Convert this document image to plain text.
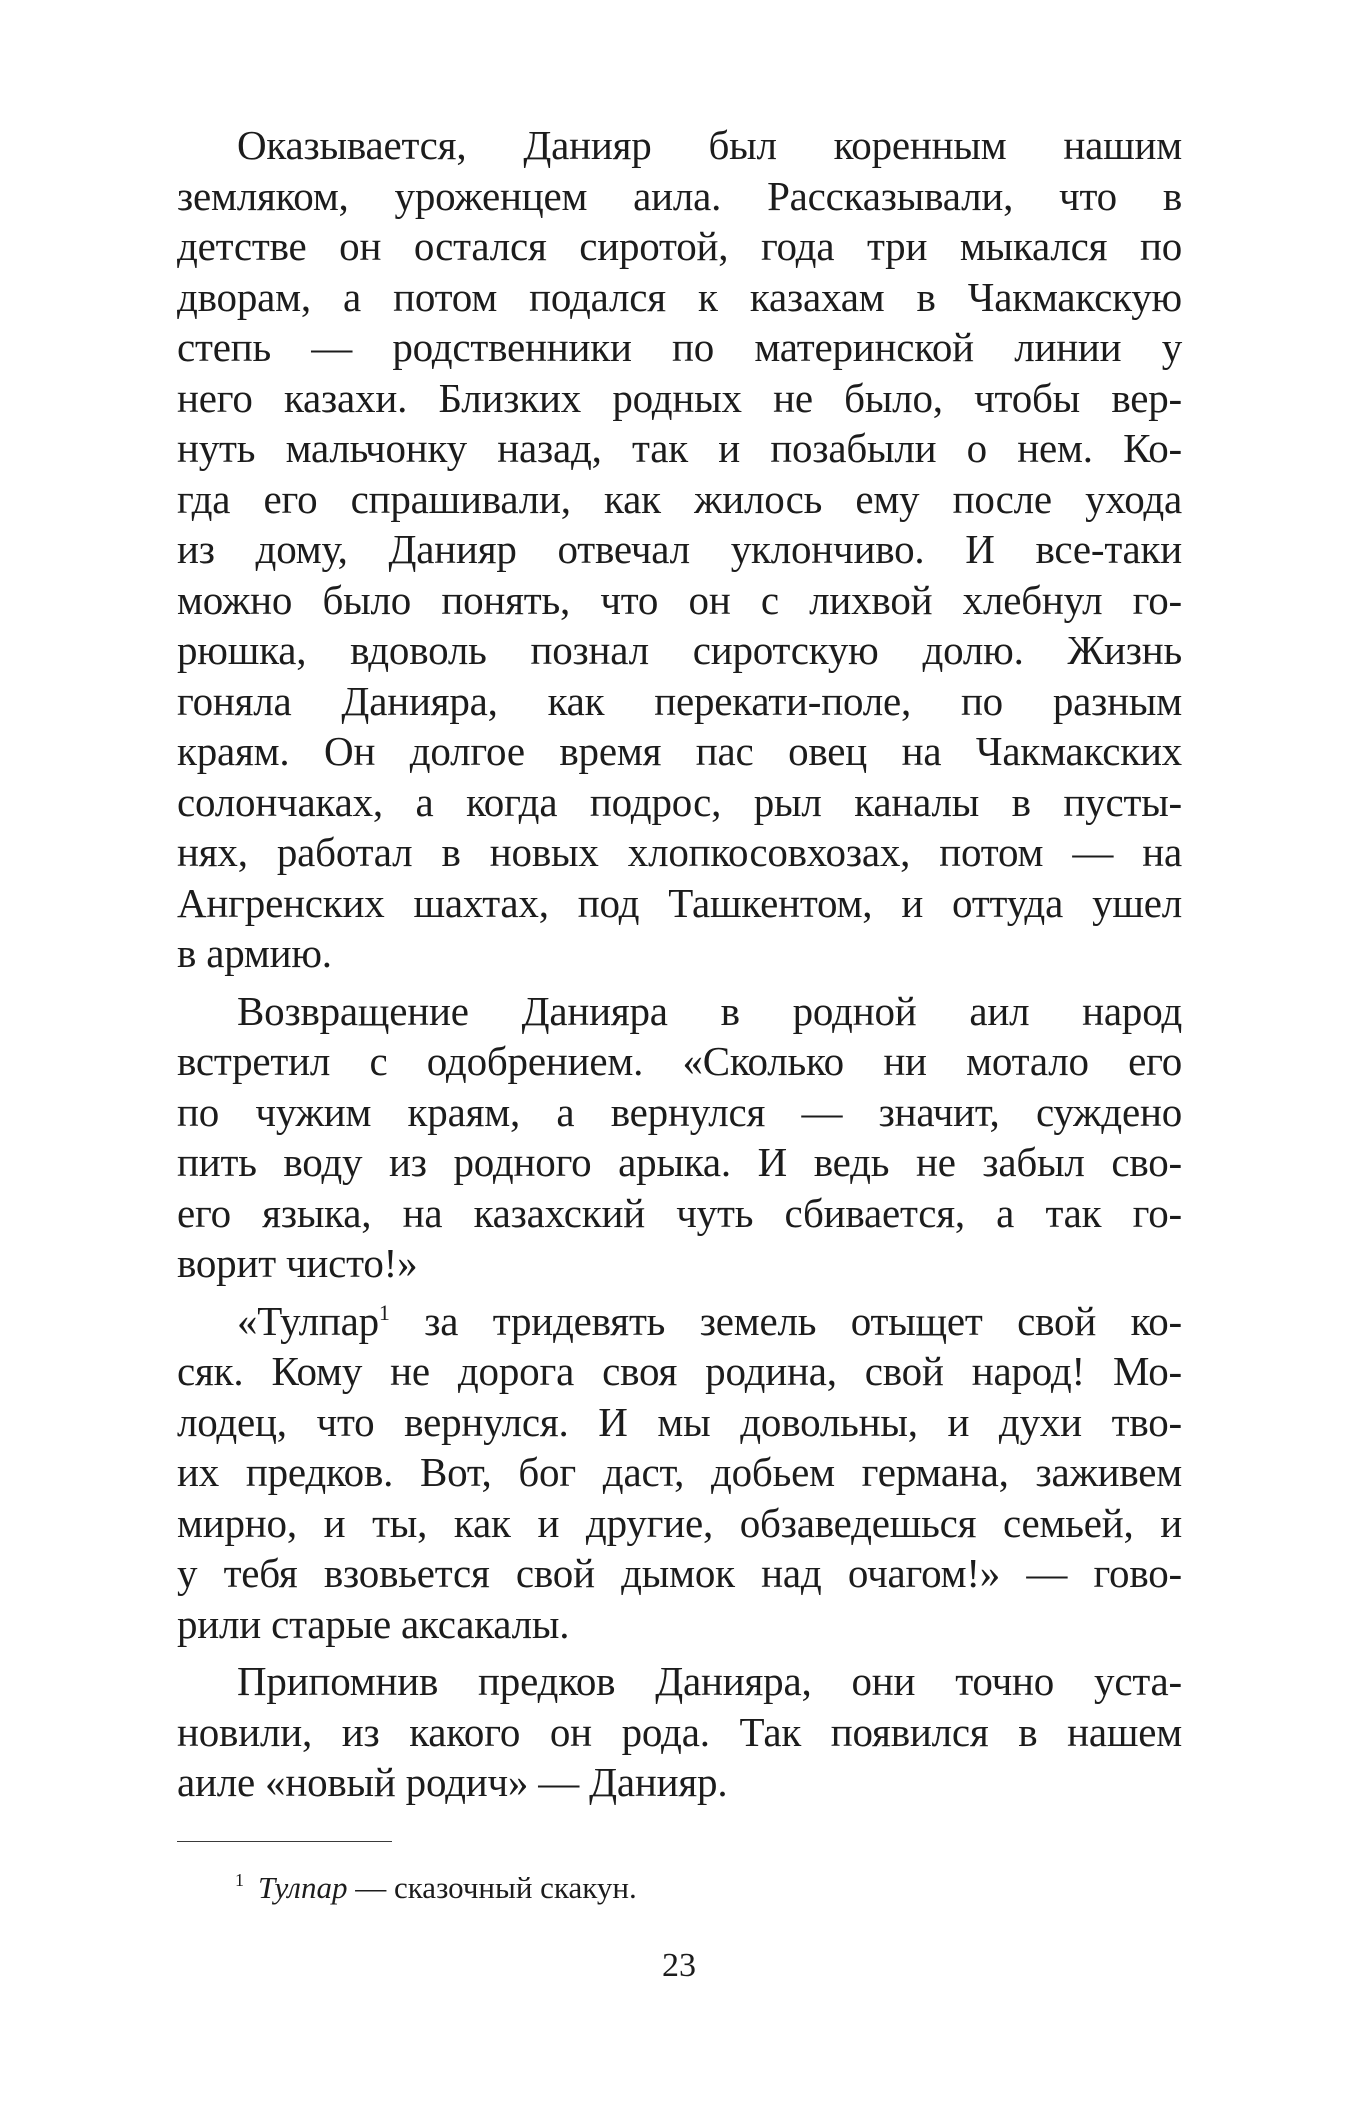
Оказывается, Данияр был коренным нашим
земляком, уроженцем аила. Рассказывали, что в
детстве он остался сиротой, года три мыкался по
дворам, а потом подался к казахам в Чакмакскую
степь — родственники по материнской линии у
него казахи. Близких родных не было, чтобы вер-
нуть мальчонку назад, так и позабыли о нем. Ко-
гда его спрашивали, как жилось ему после ухода
из дому, Данияр отвечал уклончиво. И все-таки
можно было понять, что он с лихвой хлебнул го-
рюшка, вдоволь познал сиротскую долю. Жизнь
гоняла Данияра, как перекати-поле, по разным
краям. Он долгое время пас овец на Чакмакских
солончаках, а когда подрос, рыл каналы в пусты-
нях, работал в новых хлопкосовхозах, потом — на
Ангренских шахтах, под Ташкентом, и оттуда ушел
в армию.
Возвращение Данияра в родной аил народ
встретил с одобрением. «Сколько ни мотало его
по чужим краям, а вернулся — значит, суждено
пить воду из родного арыка. И ведь не забыл сво-
его языка, на казахский чуть сбивается, а так го-
ворит чисто!»
«Тулпар$^1$ за тридевять земель отыщет свой ко-
сяк. Кому не дорога своя родина, свой народ! Мо-
лодец, что вернулся. И мы довольны, и духи тво-
их предков. Вот, бог даст, добьем германа, заживем
мирно, и ты, как и другие, обзаведешься семьей, и
у тебя взовьется свой дымок над очагом!» — гово-
рили старые аксакалы.
Припомнив предков Данияра, они точно уста-
новили, из какого он рода. Так появился в нашем
аиле «новый родич» — Данияр.
$^1$ Тулпар — сказочный скакун.
23
